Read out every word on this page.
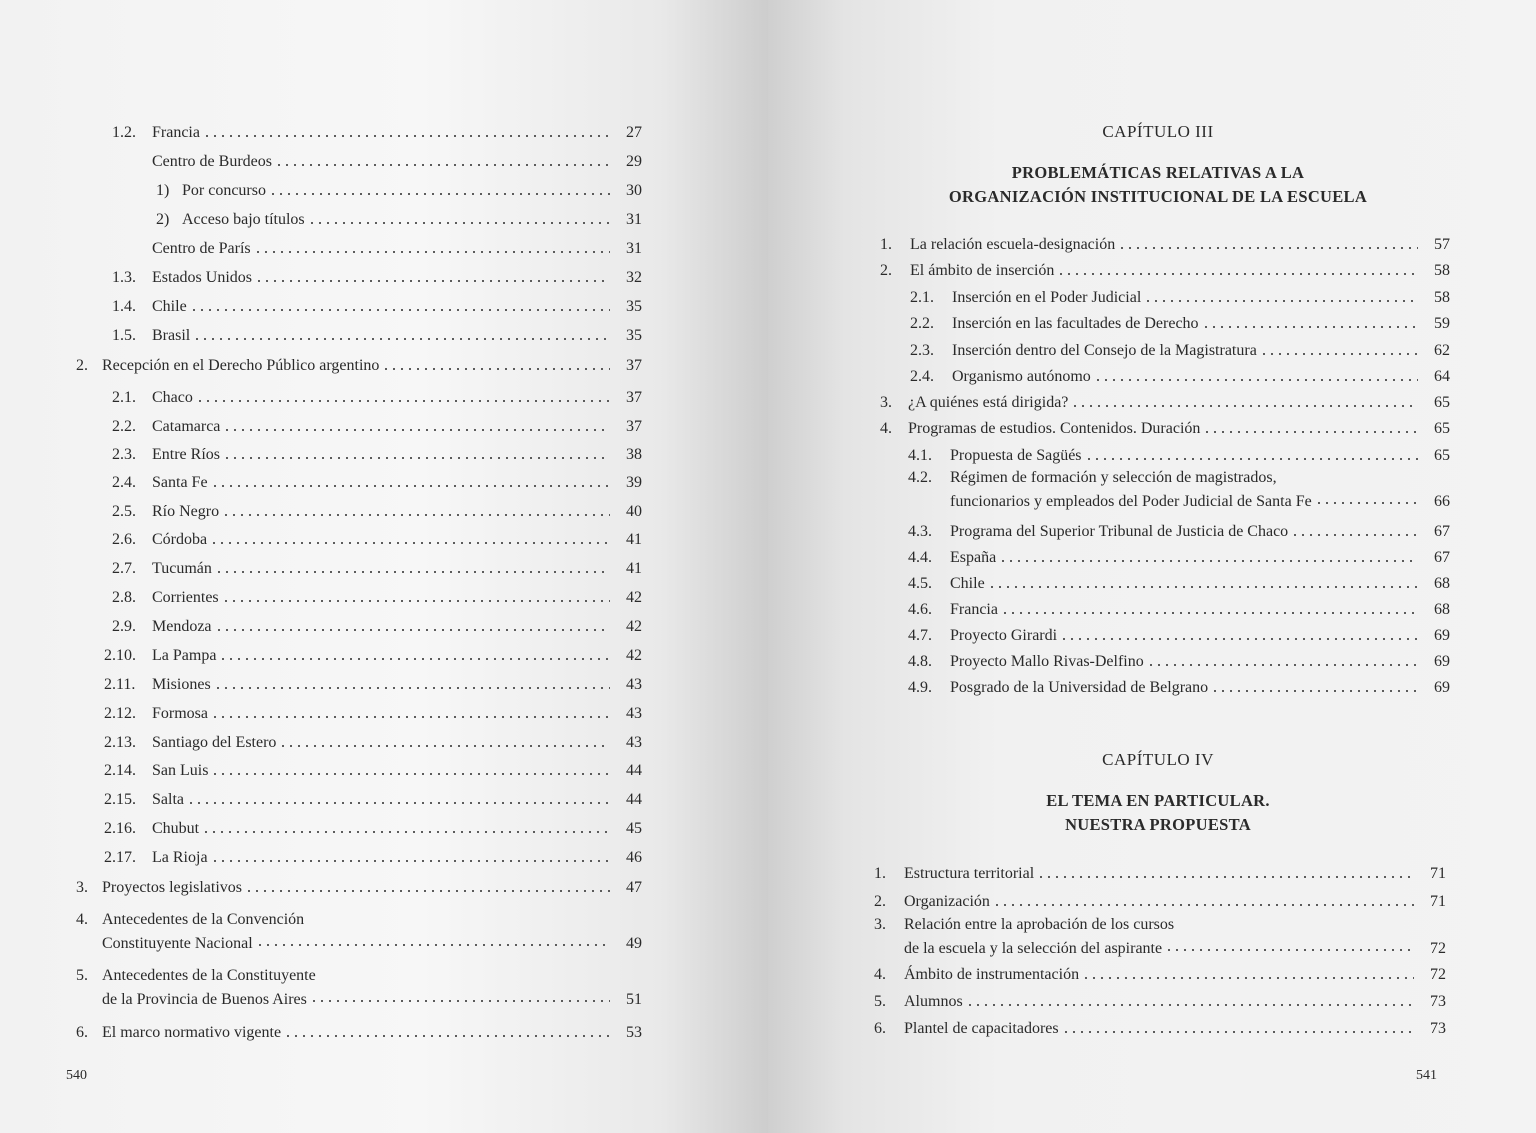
1.2.	Francia	27
Centro de Burdeos	29
1) Por concurso	30
2) Acceso bajo títulos	31
Centro de París	31
1.3.	Estados Unidos	32
1.4.	Chile	35
1.5.	Brasil	35
2. Recepción en el Derecho Público argentino	37
2.1.	Chaco	37
2.2.	Catamarca	37
2.3.	Entre Ríos	38
2.4.	Santa Fe	39
2.5.	Río Negro	40
2.6.	Córdoba	41
2.7.	Tucumán	41
2.8.	Corrientes	42
2.9.	Mendoza	42
2.10.	La Pampa	42
2.11.	Misiones	43
2.12.	Formosa	43
2.13.	Santiago del Estero	43
2.14.	San Luis	44
2.15.	Salta	44
2.16.	Chubut	45
2.17.	La Rioja	46
3. Proyectos legislativos	47
4. Antecedentes de la Convención
Constituyente Nacional	49
5. Antecedentes de la Constituyente
de la Provincia de Buenos Aires	51
6. El marco normativo vigente	53
540
CAPÍTULO III
PROBLEMÁTICAS RELATIVAS A LA
ORGANIZACIÓN INSTITUCIONAL DE LA ESCUELA
1.	La relación escuela-designación	57
2.	El ámbito de inserción	58
2.1.	Inserción en el Poder Judicial	58
2.2.	Inserción en las facultades de Derecho	59
2.3.	Inserción dentro del Consejo de la Magistratura	62
2.4.	Organismo autónomo	64
3.	¿A quiénes está dirigida?	65
4.	Programas de estudios. Contenidos. Duración	65
4.1.	Propuesta de Sagüés	65
4.2. Régimen de formación y selección de magistrados,
funcionarios y empleados del Poder Judicial de Santa Fe	66
4.3.	Programa del Superior Tribunal de Justicia de Chaco	67
4.4.	España	67
4.5.	Chile	68
4.6.	Francia	68
4.7.	Proyecto Girardi	69
4.8.	Proyecto Mallo Rivas-Delfino	69
4.9.	Posgrado de la Universidad de Belgrano	69
CAPÍTULO IV
EL TEMA EN PARTICULAR.
NUESTRA PROPUESTA
1.	Estructura territorial	71
2.	Organización	71
3. Relación entre la aprobación de los cursos
de la escuela y la selección del aspirante	72
4.	Ámbito de instrumentación	72
5.	Alumnos	73
6.	Plantel de capacitadores	73
541
